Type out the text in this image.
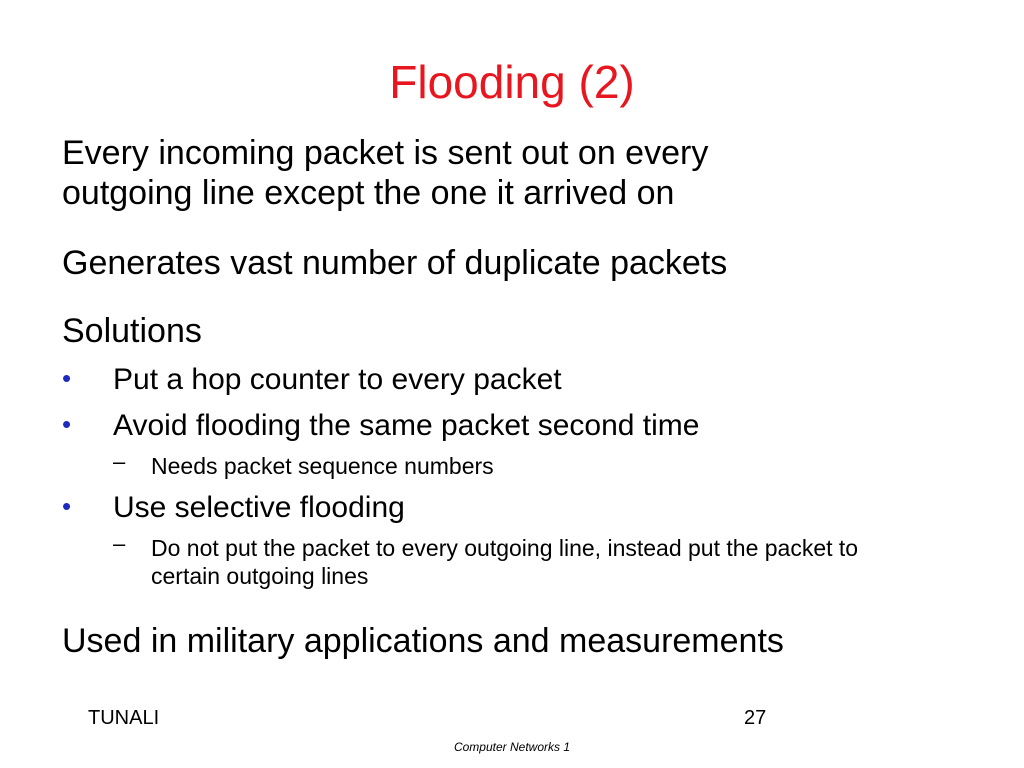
Flooding (2)
Every incoming packet is sent out on every
outgoing line except the one it arrived on
Generates vast number of duplicate packets
Solutions
• Put a hop counter to every packet
• Avoid flooding the same packet second time
– Needs packet sequence numbers
• Use selective flooding
– Do not put the packet to every outgoing line, instead put the packet to certain outgoing lines
Used in military applications and measurements
TUNALI	27
Computer Networks 1
